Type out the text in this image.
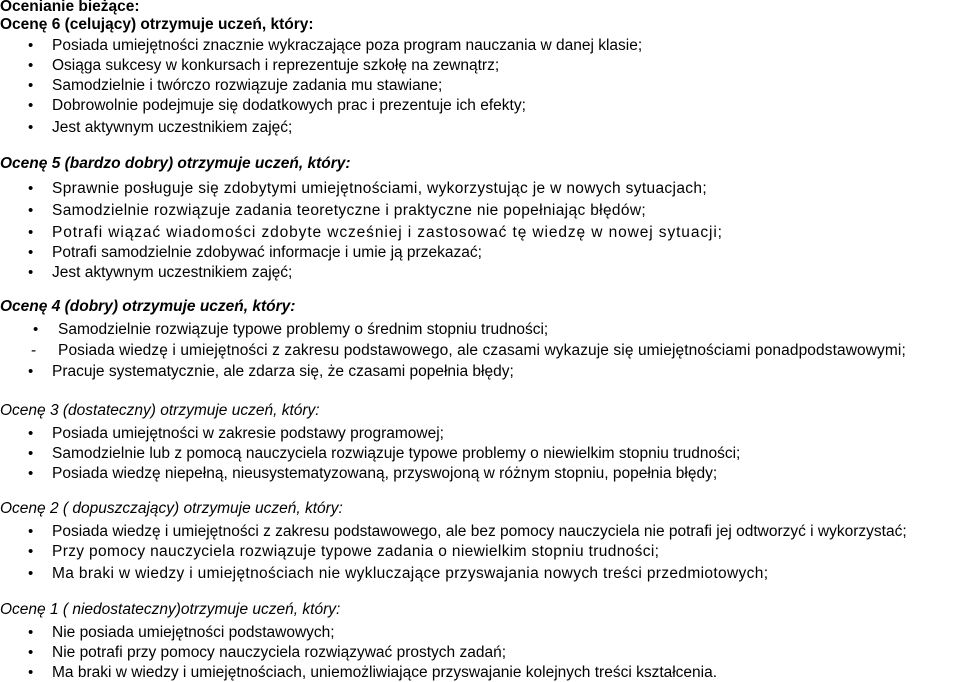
Ocenianie bieżące:
Ocenę 6 (celujący) otrzymuje uczeń, który:
• Posiada umiejętności znacznie wykraczające poza program nauczania w danej klasie;
• Osiąga sukcesy w konkursach i reprezentuje szkołę na zewnątrz;
• Samodzielnie i twórczo rozwiązuje zadania mu stawiane;
• Dobrowolnie podejmuje się dodatkowych prac i prezentuje ich efekty;
• Jest aktywnym uczestnikiem zajęć;
Ocenę 5 (bardzo dobry) otrzymuje uczeń, który:
• Sprawnie posługuje się zdobytymi umiejętnościami, wykorzystując je w nowych sytuacjach;
• Samodzielnie rozwiązuje zadania teoretyczne i praktyczne nie popełniając błędów;
• Potrafi wiązać wiadomości zdobyte wcześniej i zastosować tę wiedzę w nowej sytuacji;
• Potrafi samodzielnie zdobywać informacje i umie ją przekazać;
• Jest aktywnym uczestnikiem zajęć;
Ocenę 4 (dobry) otrzymuje uczeń, który:
• Samodzielnie rozwiązuje typowe problemy o średnim stopniu trudności;
- Posiada wiedzę i umiejętności z zakresu podstawowego, ale czasami wykazuje się umiejętnościami ponadpodstawowymi;
• Pracuje systematycznie, ale zdarza się, że czasami popełnia błędy;
Ocenę 3 (dostateczny) otrzymuje uczeń, który:
• Posiada umiejętności w zakresie podstawy programowej;
• Samodzielnie lub z pomocą nauczyciela rozwiązuje typowe problemy o niewielkim stopniu trudności;
• Posiada wiedzę niepełną, nieusystematyzowaną, przyswojoną w różnym stopniu, popełnia błędy;
Ocenę 2 ( dopuszczający) otrzymuje uczeń, który:
• Posiada wiedzę i umiejętności z zakresu podstawowego, ale bez pomocy nauczyciela nie potrafi jej odtworzyć i wykorzystać;
• Przy pomocy nauczyciela rozwiązuje typowe zadania o niewielkim stopniu trudności;
• Ma braki w wiedzy i umiejętnościach nie wykluczające przyswajania nowych treści przedmiotowych;
Ocenę 1 ( niedostateczny)otrzymuje uczeń, który:
• Nie posiada umiejętności podstawowych;
• Nie potrafi przy pomocy nauczyciela rozwiązywać prostych zadań;
• Ma braki w wiedzy i umiejętnościach, uniemożliwiające przyswajanie kolejnych treści kształcenia.
